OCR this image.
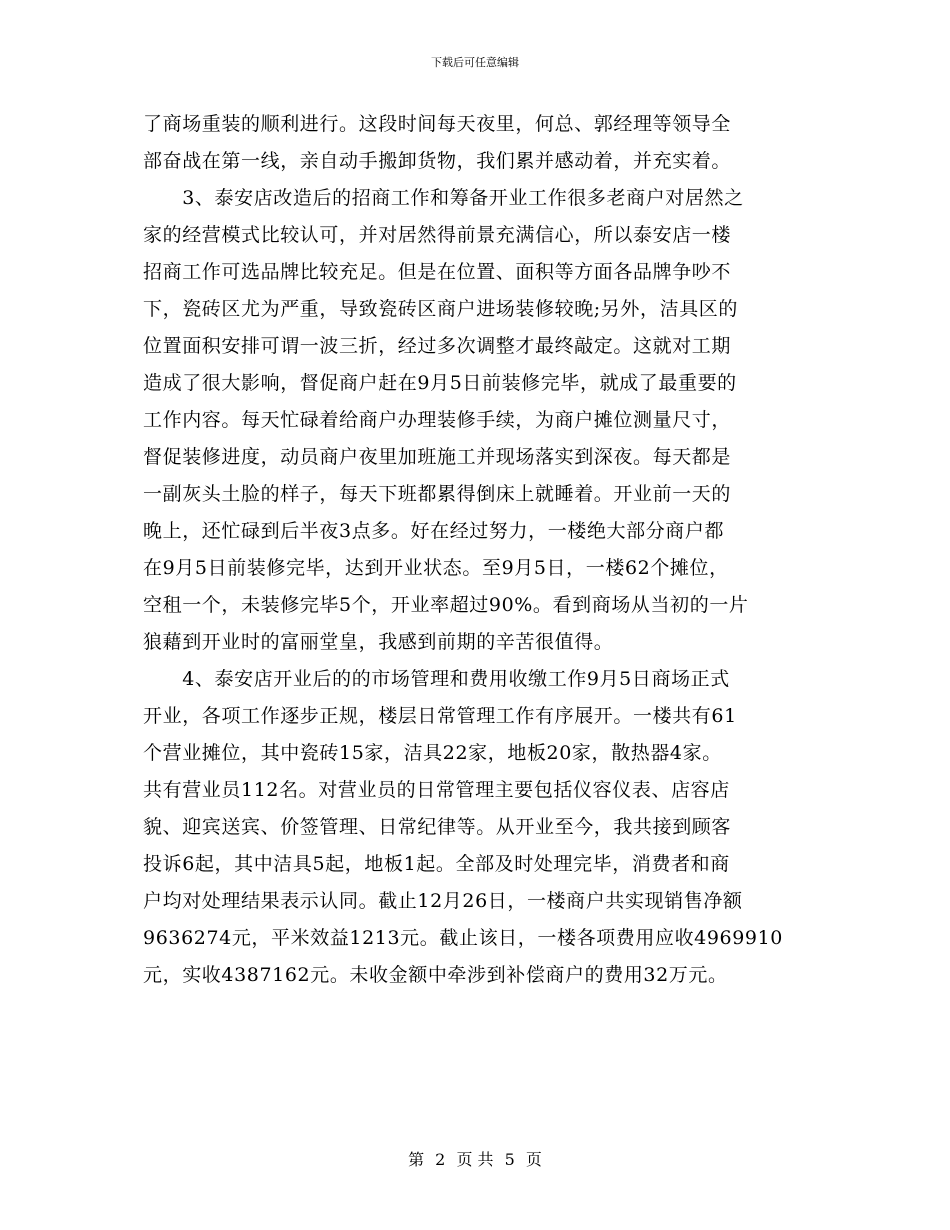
下载后可任意编辑
了商场重装的顺利进行。这段时间每天夜里，何总、郭经理等领导全
部奋战在第一线，亲自动手搬卸货物，我们累并感动着，并充实着。
　　3、泰安店改造后的招商工作和筹备开业工作很多老商户对居然之
家的经营模式比较认可，并对居然得前景充满信心，所以泰安店一楼
招商工作可选品牌比较充足。但是在位置、面积等方面各品牌争吵不
下，瓷砖区尤为严重，导致瓷砖区商户进场装修较晚;另外，洁具区的
位置面积安排可谓一波三折，经过多次调整才最终敲定。这就对工期
造成了很大影响，督促商户赶在9月5日前装修完毕，就成了最重要的
工作内容。每天忙碌着给商户办理装修手续，为商户摊位测量尺寸，
督促装修进度，动员商户夜里加班施工并现场落实到深夜。每天都是
一副灰头土脸的样子，每天下班都累得倒床上就睡着。开业前一天的
晚上，还忙碌到后半夜3点多。好在经过努力，一楼绝大部分商户都
在9月5日前装修完毕，达到开业状态。至9月5日，一楼62个摊位，
空租一个，未装修完毕5个，开业率超过90%。看到商场从当初的一片
狼藉到开业时的富丽堂皇，我感到前期的辛苦很值得。
　　4、泰安店开业后的的市场管理和费用收缴工作9月5日商场正式
开业，各项工作逐步正规，楼层日常管理工作有序展开。一楼共有61
个营业摊位，其中瓷砖15家，洁具22家，地板20家，散热器4家。
共有营业员112名。对营业员的日常管理主要包括仪容仪表、店容店
貌、迎宾送宾、价签管理、日常纪律等。从开业至今，我共接到顾客
投诉6起，其中洁具5起，地板1起。全部及时处理完毕，消费者和商
户均对处理结果表示认同。截止12月26日，一楼商户共实现销售净额
9636274元，平米效益1213元。截止该日，一楼各项费用应收4969910
元，实收4387162元。未收金额中牵涉到补偿商户的费用32万元。
第 2 页 共 5 页
